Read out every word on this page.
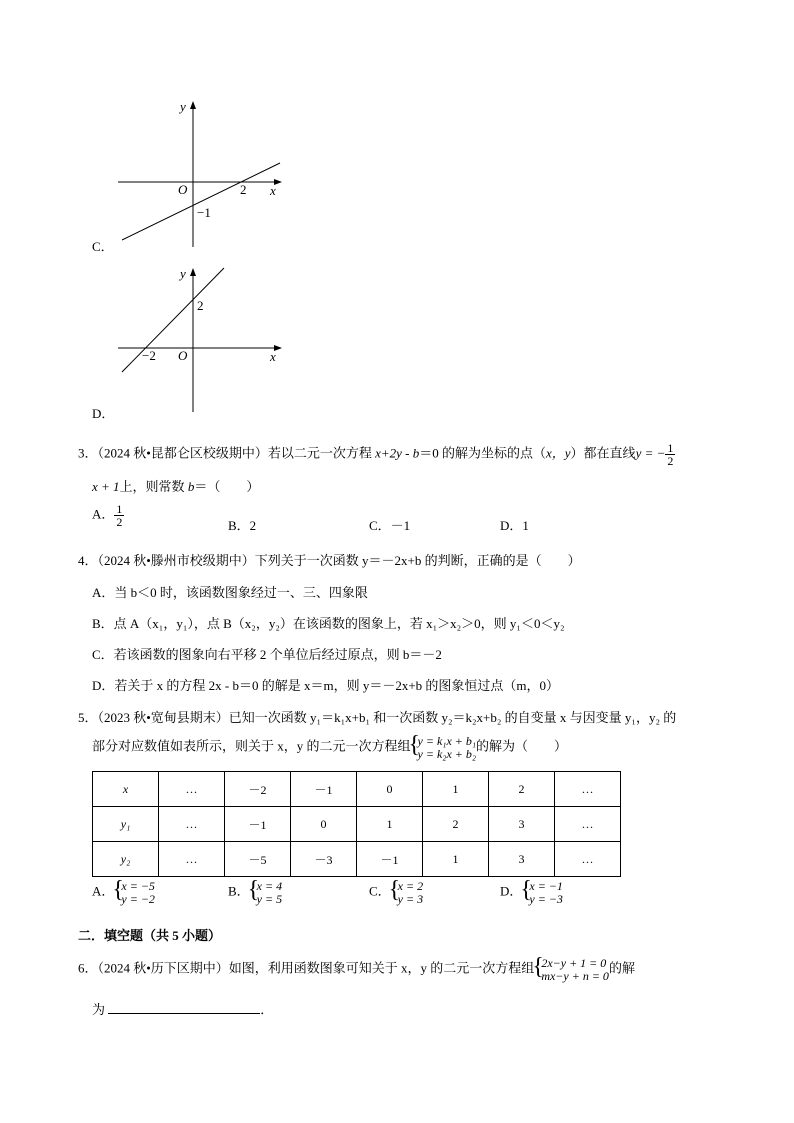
y
x
O	2
−1
C．
y
x
O
−2
2
D．
3．（2024 秋•昆都仑区校级期中）若以二元一次方程 x+2y - b＝0 的解为坐标的点（x，y）都在直线y = − $\frac{1}{2}$
x + 1上，则常数 b＝（　　）
A． $\frac{1}{2}$	B．2	C．－1	D．1
4．（2024 秋•滕州市校级期中）下列关于一次函数 y＝－2x+b 的判断，正确的是（　　）
A．当 b＜0 时，该函数图象经过一、三、四象限
B．点 A（x₁，y₁），点 B（x₂，y₂）在该函数的图象上，若 x₁＞x₂＞0，则 y₁＜0＜y₂
C．若该函数的图象向右平移 2 个单位后经过原点，则 b＝－2
D．若关于 x 的方程 2x - b＝0 的解是 x＝m，则 y＝－2x+b 的图象恒过点（m，0）
5．（2023 秋•宽甸县期末）已知一次函数 y₁＝k₁x+b₁ 和一次函数 y₂＝k₂x+b₂ 的自变量 x 与因变量 y₁，y₂ 的
部分对应数值如表所示，则关于 x，y 的二元一次方程组 { y = k₁x + b₁
y = k₂x + b₂
的解为（　　）
x	…	－2	－1	0	1	2	…
y₁	…	－1	0	1	2	3	…
y₂	…	－5	－3	－1	1	3	…
A． { x = −5
y = −2
B． { x = 4
y = 5
C． { x = 2
y = 3
D． { x = −1
y = −3
二．填空题（共 5 小题）
6．（2024 秋•历下区期中）如图，利用函数图象可知关于 x，y 的二元一次方程组 { 2x−y + 1 = 0
mx−y + n = 0
的解
为	．
